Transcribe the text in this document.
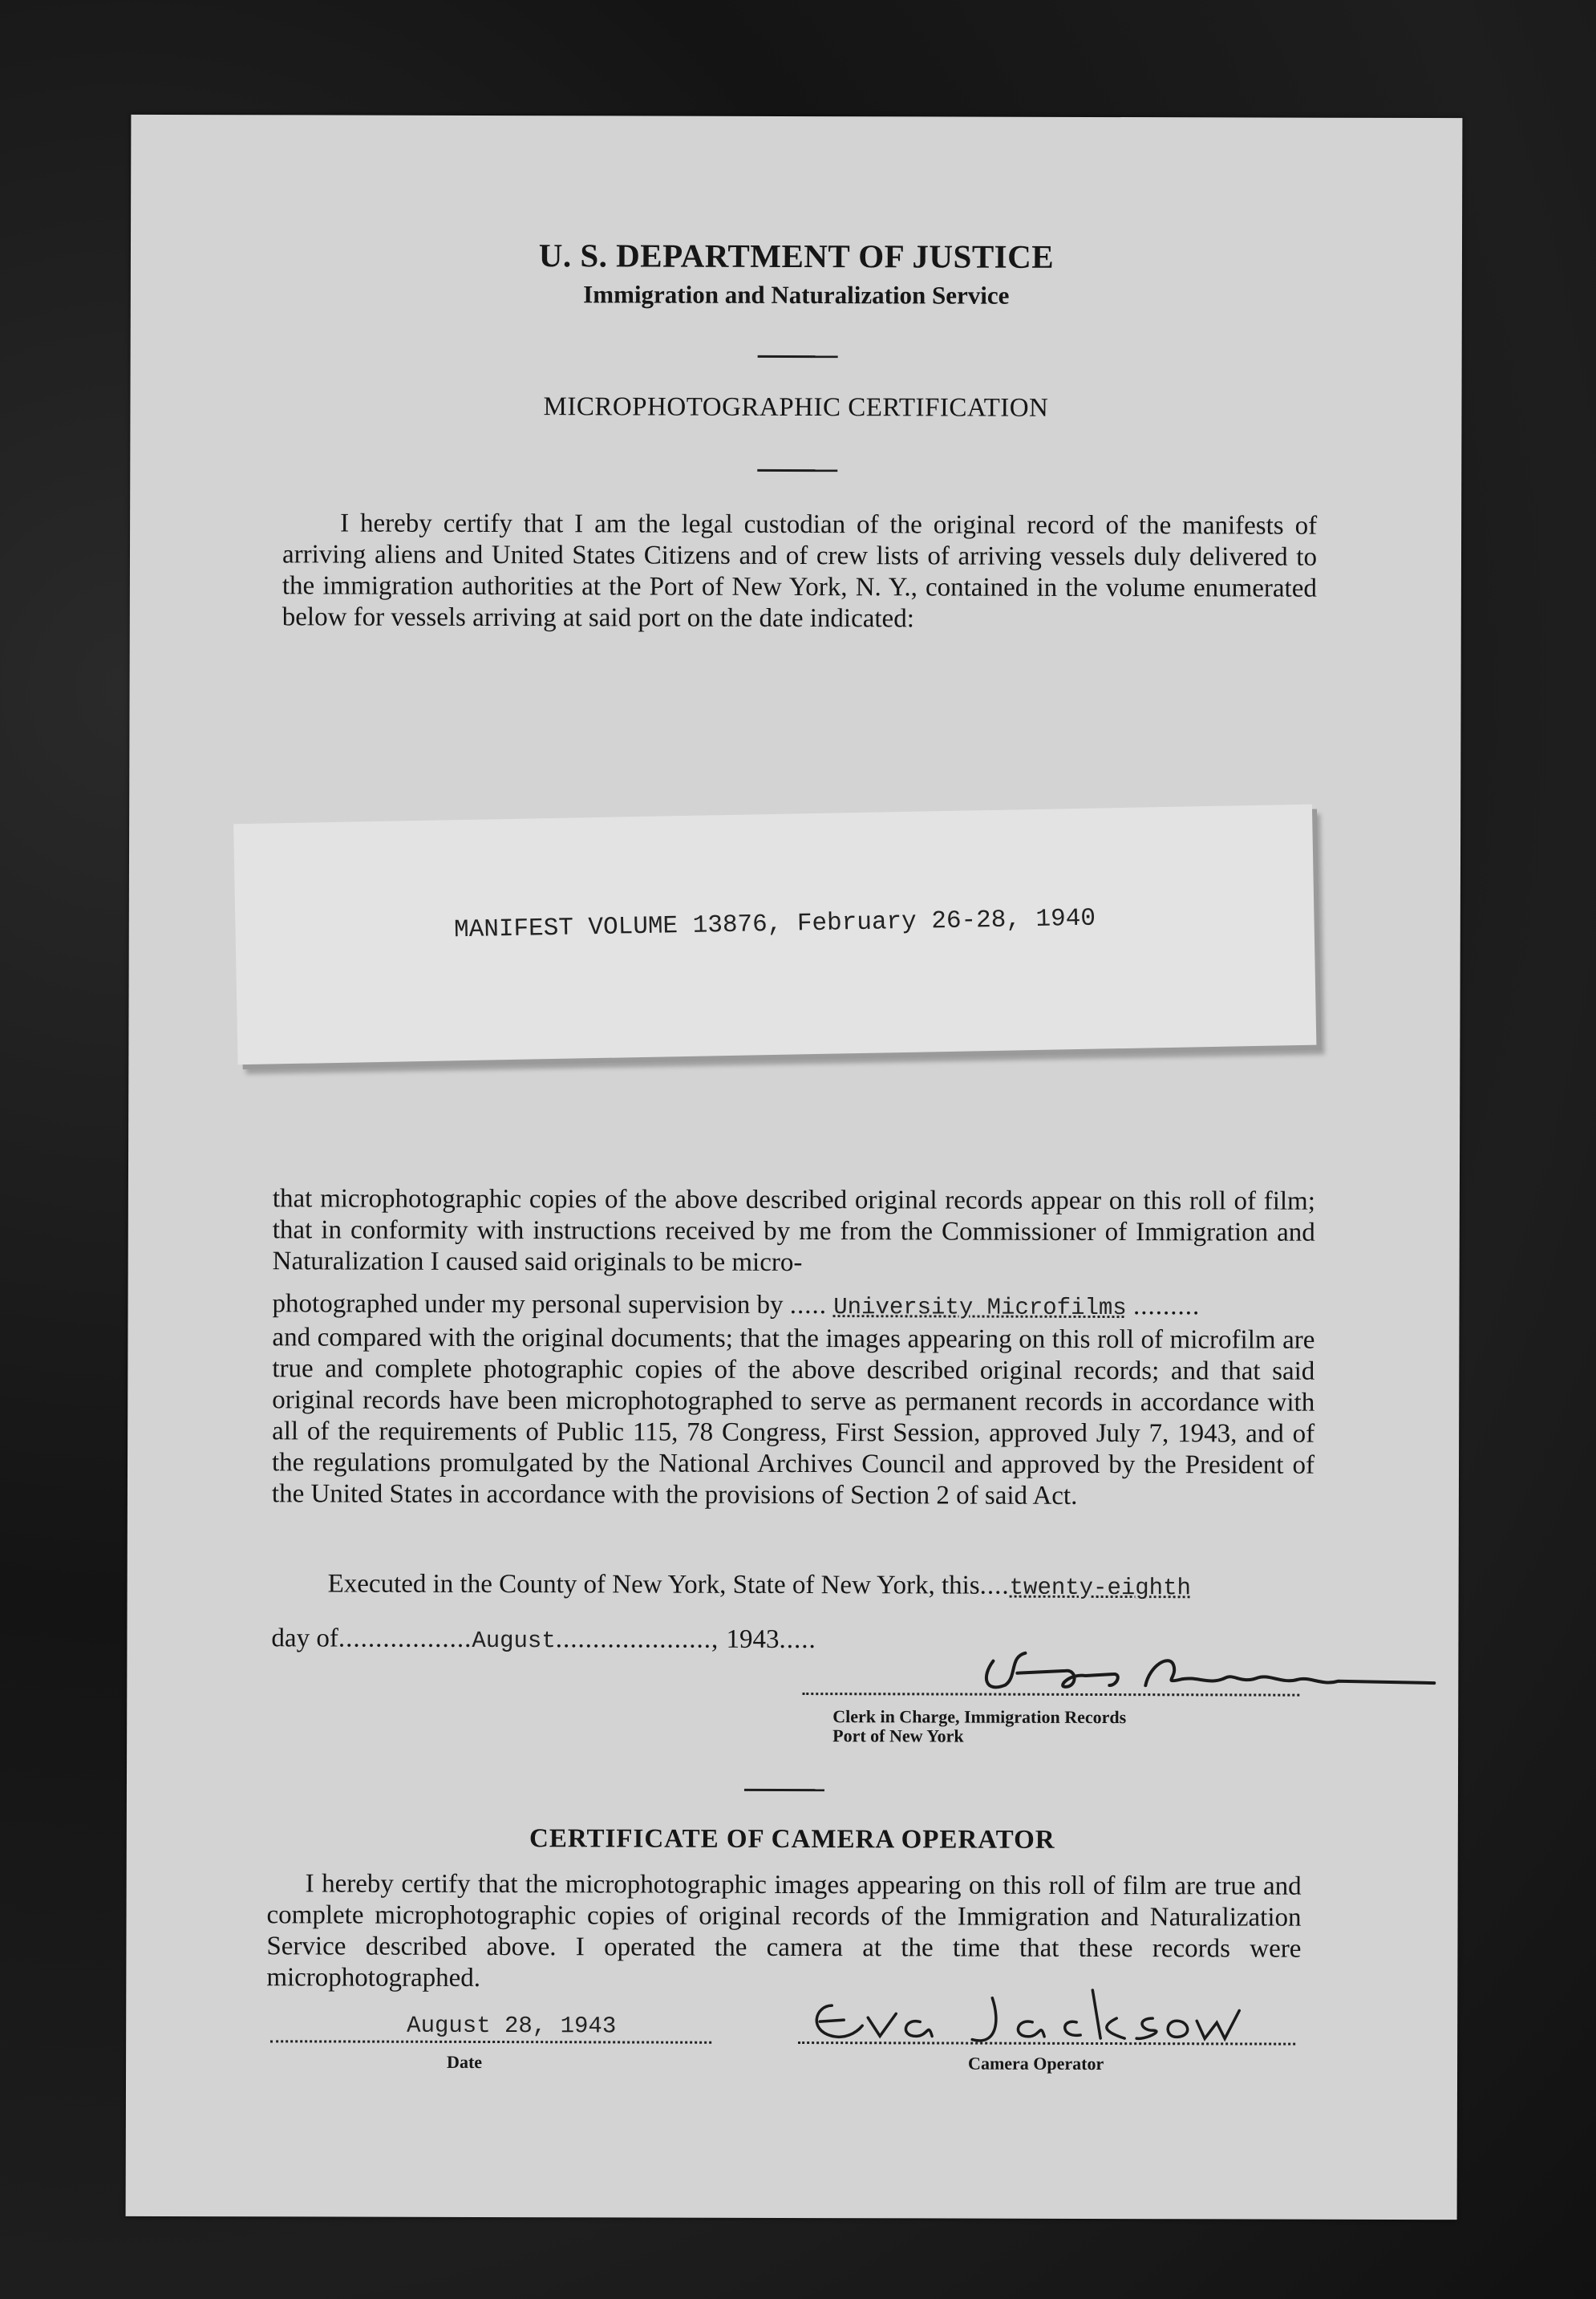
U. S. DEPARTMENT OF JUSTICE
Immigration and Naturalization Service
MICROPHOTOGRAPHIC CERTIFICATION
I hereby certify that I am the legal custodian of the original record of the manifests of arriving aliens and United States Citizens and of crew lists of arriving vessels duly delivered to the immigration authorities at the Port of New York, N. Y., contained in the volume enumerated below for vessels arriving at said port on the date indicated:
MANIFEST VOLUME 13876, February 26-28, 1940
that microphotographic copies of the above described original records appear on this roll of film; that in conformity with instructions received by me from the Commissioner of Immigration and Naturalization I caused said originals to be micro-
photographed under my personal supervision by ..... University Microfilms .........
and compared with the original documents; that the images appearing on this roll of microfilm are true and complete photographic copies of the above described original records; and that said original records have been microphotographed to serve as permanent records in accordance with all of the requirements of Public 115, 78 Congress, First Session, approved July 7, 1943, and of the regulations promulgated by the National Archives Council and approved by the President of the United States in accordance with the provisions of Section 2 of said Act.
Executed in the County of New York, State of New York, this....twenty-eighth
day of..................August....................., 1943.....
Clerk in Charge, Immigration Records
Port of New York
CERTIFICATE OF CAMERA OPERATOR
I hereby certify that the microphotographic images appearing on this roll of film are true and complete microphotographic copies of original records of the Immigration and Naturalization Service described above. I operated the camera at the time that these records were microphotographed.
August 28, 1943
Date	Camera Operator
